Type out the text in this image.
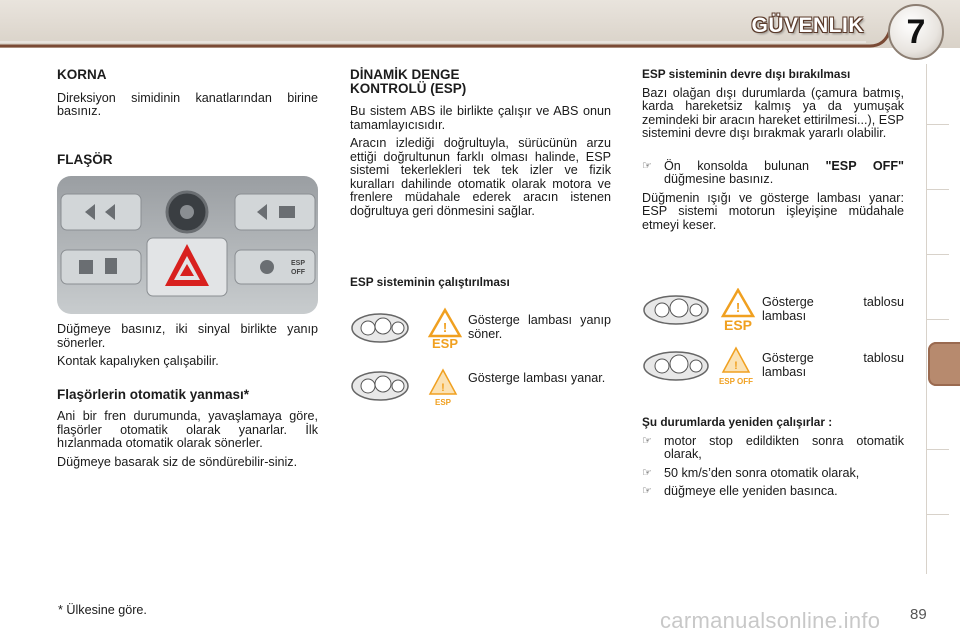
GÜVENLIK	7
KORNA

Direksiyon simidinin kanatlarından birine basınız.

FLAŞÖR
ESP
OFF

Düğmeye basınız, iki sinyal birlikte yanıp sönerler.

Kontak kapalıyken çalışabilir.

Flaşörlerin otomatik yanması*

Ani bir fren durumunda, yavaşlamaya göre, flaşörler otomatik olarak yanarlar. İlk hızlanmada otomatik olarak sönerler.

Düğmeye basarak siz de söndürebilir-siniz.

DİNAMİK DENGE KONTROLÜ (ESP)

Bu sistem ABS ile birlikte çalışır ve ABS onun tamamlayıcısıdır.

Aracın izlediği doğrultuyla, sürücünün arzu ettiği doğrultunun farklı olması halinde, ESP sistemi tekerlekleri tek tek izler ve fizik kuralları dahilinde otomatik olarak motora ve frenlere müdahale ederek aracın istenen doğrultuya geri dönmesini sağlar.

ESP sisteminin çalıştırılması
!
ESP

Gösterge lambası yanıp söner.

!
ESP

Gösterge lambası yanar.

ESP sisteminin devre dışı bırakılması

Bazı olağan dışı durumlarda (çamura batmış, karda hareketsiz kalmış ya da yumuşak zemindeki bir aracın hareket ettirilmesi...), ESP sistemini devre dışı bırakmak yararlı olabilir.

☞ Ön konsolda bulunan "ESP OFF" düğmesine basınız.

Düğmenin ışığı ve gösterge lambası yanar: ESP sistemi motorun işleyişine müdahale etmeyi keser.

!
ESP

Gösterge tablosu lambası

!
ESP OFF

Gösterge tablosu lambası

Şu durumlarda yeniden çalışırlar :
☞ motor stop edildikten sonra otomatik olarak,

☞ 50 km/s’den sonra otomatik olarak,

☞ düğmeye elle yeniden basınca.

* Ülkesine göre.	carmanualsonline.info 89
